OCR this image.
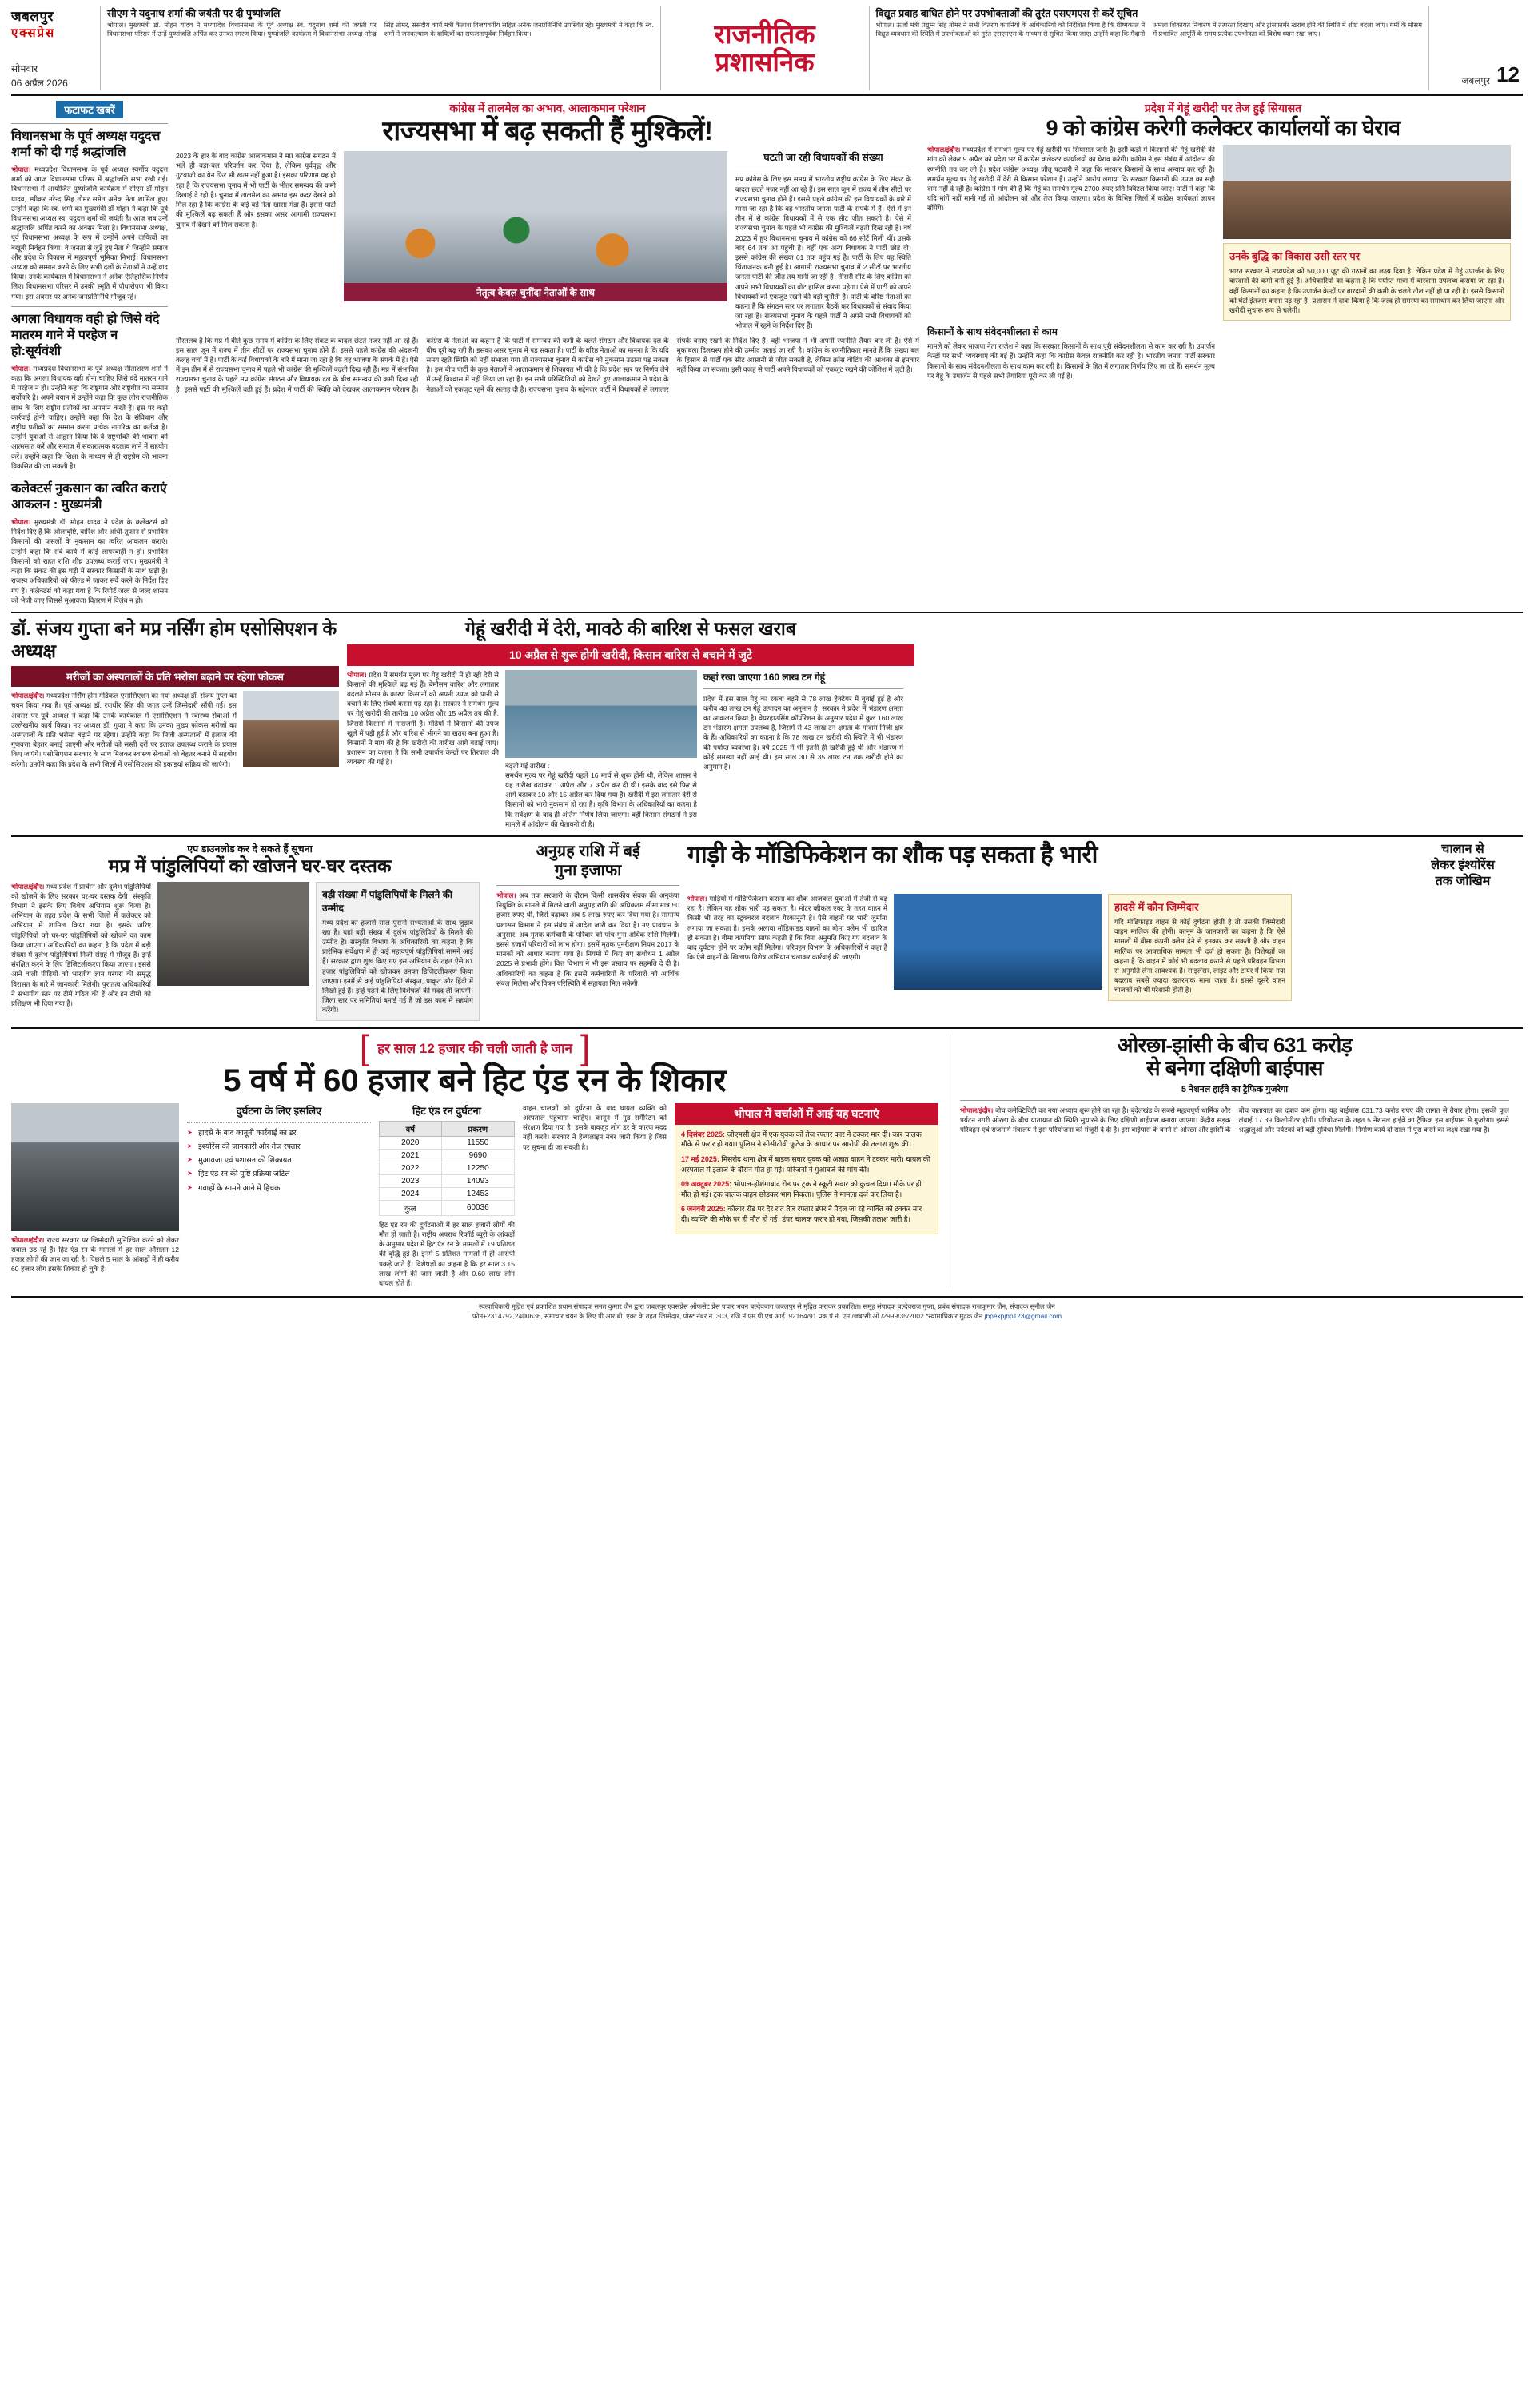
जबलपुर एक्सप्रेस
सोमवार
06 अप्रैल 2026
सीएम ने यदुनाथ शर्मा की जयंती पर दी पुष्पांजलि
भोपाल। मुख्यमंत्री डॉ. मोहन यादव ने मध्यप्रदेश विधानसभा के पूर्व अध्यक्ष स्व. यदुनाथ शर्मा की जयंती पर विधानसभा परिसर में उन्हें पुष्पांजलि अर्पित कर उनका स्मरण किया। पुष्पांजलि कार्यक्रम में विधानसभा अध्यक्ष नरेन्द्र सिंह तोमर, संसदीय कार्य मंत्री कैलाश विजयवर्गीय सहित अनेक जनप्रतिनिधि उपस्थित रहे। मुख्यमंत्री ने कहा कि स्व. शर्मा ने जनकल्याण के दायित्वों का सफलतापूर्वक निर्वहन किया।	राजनीतिक
प्रशासनिक
विद्युत प्रवाह बाधित होने पर उपभोक्ताओं की तुरंत एसएमएस से करें सूचित
भोपाल। ऊर्जा मंत्री प्रद्युम्न सिंह तोमर ने सभी वितरण कंपनियों के अधिकारियों को निर्देशित किया है कि ग्रीष्मकाल में विद्युत व्यवधान की स्थिति में उपभोक्ताओं को तुरंत एसएमएस के माध्यम से सूचित किया जाए। उन्होंने कहा कि मैदानी अमला शिकायत निवारण में तत्परता दिखाए और ट्रांसफार्मर खराब होने की स्थिति में शीघ्र बदला जाए। गर्मी के मौसम में प्रभावित आपूर्ति के समय प्रत्येक उपभोक्ता को विशेष ध्यान रखा जाए।
जबलपुर 12
फटाफट खबरें
विधानसभा के पूर्व अध्यक्ष यदुदत्त शर्मा को दी गई श्रद्धांजलि
भोपाल। मध्यप्रदेश विधानसभा के पूर्व अध्यक्ष स्वर्गीय यदुदत्त शर्मा को आज विधानसभा परिसर में श्रद्धांजलि सभा रखी गई। विधानसभा में आयोजित पुष्पांजलि कार्यक्रम में सीएम डॉ मोहन यादव, स्पीकर नरेन्द्र सिंह तोमर समेत अनेक नेता शामिल हुए। उन्होंने कहा कि स्व. शर्मा का मुख्यमंत्री डॉ मोहन ने कहा कि पूर्व विधानसभा अध्यक्ष स्व. यदुदत्त शर्मा की जयंती है। आज जब उन्हें श्रद्धांजलि अर्पित करने का अवसर मिला है। विधानसभा अध्यक्ष, पूर्व विधानसभा अध्यक्ष के रूप में उन्होंने अपने दायित्वों का बखूबी निर्वहन किया। वे जनता से जुड़े हुए नेता थे जिन्होंने समाज और प्रदेश के विकास में महत्वपूर्ण भूमिका निभाई। विधानसभा अध्यक्ष को सम्मान करने के लिए सभी दलों के नेताओं ने उन्हें याद किया। उनके कार्यकाल में विधानसभा ने अनेक ऐतिहासिक निर्णय लिए। विधानसभा परिसर में उनकी स्मृति में पौधारोपण भी किया गया। इस अवसर पर अनेक जनप्रतिनिधि मौजूद रहे।
अगला विधायक वही हो जिसे वंदे मातरम गाने में परहेज न हो:सूर्यवंशी
भोपाल। मध्यप्रदेश विधानसभा के पूर्व अध्यक्ष सीताशरण शर्मा ने कहा कि अगला विधायक वही होना चाहिए जिसे वंदे मातरम गाने में परहेज न हो। उन्होंने कहा कि राष्ट्रगान और राष्ट्रगीत का सम्मान सर्वोपरि है। अपने बयान में उन्होंने कहा कि कुछ लोग राजनीतिक लाभ के लिए राष्ट्रीय प्रतीकों का अपमान करते हैं। इस पर कड़ी कार्रवाई होनी चाहिए। उन्होंने कहा कि देश के संविधान और राष्ट्रीय प्रतीकों का सम्मान करना प्रत्येक नागरिक का कर्तव्य है। उन्होंने युवाओं से आह्वान किया कि वे राष्ट्रभक्ति की भावना को आत्मसात करें और समाज में सकारात्मक बदलाव लाने में सहयोग करें। उन्होंने कहा कि शिक्षा के माध्यम से ही राष्ट्रप्रेम की भावना विकसित की जा सकती है।
कलेक्टर्स नुकसान का त्वरित कराएं आकलन : मुख्यमंत्री
भोपाल। मुख्यमंत्री डॉ. मोहन यादव ने प्रदेश के कलेक्टर्स को निर्देश दिए हैं कि ओलावृष्टि, बारिश और आंधी-तूफान से प्रभावित किसानों की फसलों के नुकसान का त्वरित आकलन कराएं। उन्होंने कहा कि सर्वे कार्य में कोई लापरवाही न हो। प्रभावित किसानों को राहत राशि शीघ्र उपलब्ध कराई जाए। मुख्यमंत्री ने कहा कि संकट की इस घड़ी में सरकार किसानों के साथ खड़ी है। राजस्व अधिकारियों को फील्ड में जाकर सर्वे करने के निर्देश दिए गए हैं। कलेक्टर्स को कहा गया है कि रिपोर्ट जल्द से जल्द शासन को भेजी जाए जिससे मुआवजा वितरण में विलंब न हो।
कांग्रेस में तालमेल का अभाव, आलाकमान परेशान
राज्यसभा में बढ़ सकती हैं मुश्किलें!
2023 के हार के बाद कांग्रेस आलाकमान ने मप्र कांग्रेस संगठन में भले ही बड़ा-चल परिवर्तन कर दिया है, लेकिन पूर्ववृद्ध और गुटबाजी का येन फिर भी खत्म नहीं हुआ है। इसका परिणाम यह हो रहा है कि राज्यसभा चुनाव में भी पार्टी के भीतर समन्वय की कमी दिखाई दे रही है। चुनाव में तालमेल का अभाव इस कदर देखने को मिल रहा है कि कांग्रेस के कई बड़े नेता खासा मंडा हैं। इससे पार्टी की मुश्किलें बढ़ सकती हैं और इसका असर आगामी राज्यसभा चुनाव में देखने को मिल सकता है।
नेतृत्व केवल चुनींदा नेताओं के साथ
घटती जा रही विधायकों की संख्या
मप्र कांग्रेस के लिए इस समय में भारतीय राष्ट्रीय कांग्रेस के लिए संकट के बादल छंटते नजर नहीं आ रहे हैं। इस साल जून में राज्य में तीन सीटों पर राज्यसभा चुनाव होने हैं। इससे पहले कांग्रेस की इस विधायकों के बारे में माना जा रहा है कि वह भारतीय जनता पार्टी के संपर्क में हैं। ऐसे में इन तीन में से कांग्रेस विधायकों में से एक सीट जीत सकती है। ऐसे में राज्यसभा चुनाव के पहले भी कांग्रेस की मुश्किलें बढ़ती दिख रही हैं। वर्ष 2023 में हुए विधानसभा चुनाव में कांग्रेस को 66 सीटें मिली थीं। उसके बाद 64 तक आ पहुंची है। वहीं एक अन्य विधायक ने पार्टी छोड़ दी। इससे कांग्रेस की संख्या 61 तक पहुंच गई है। पार्टी के लिए यह स्थिति चिंताजनक बनी हुई है। आगामी राज्यसभा चुनाव में 2 सीटों पर भारतीय जनता पार्टी की जीत तय मानी जा रही है। तीसरी सीट के लिए कांग्रेस को अपने सभी विधायकों का वोट हासिल करना पड़ेगा। ऐसे में पार्टी को अपने विधायकों को एकजुट रखने की बड़ी चुनौती है। पार्टी के वरिष्ठ नेताओं का कहना है कि संगठन स्तर पर लगातार बैठकें कर विधायकों से संवाद किया जा रहा है। राज्यसभा चुनाव के पहले पार्टी ने अपने सभी विधायकों को भोपाल में रहने के निर्देश दिए हैं।
गौरतलब है कि मप्र में बीते कुछ समय में कांग्रेस के लिए संकट के बादल छंटते नजर नहीं आ रहे हैं। इस साल जून में राज्य में तीन सीटों पर राज्यसभा चुनाव होने हैं। इससे पहले कांग्रेस की अंदरूनी कलह चर्चा में है। पार्टी के कई विधायकों के बारे में माना जा रहा है कि वह भाजपा के संपर्क में हैं। ऐसे में इन तीन में से राज्यसभा चुनाव में पहले भी कांग्रेस की मुश्किलें बढ़ती दिख रही हैं। मप्र में संभावित राज्यसभा चुनाव के पहले मप्र कांग्रेस संगठन और विधायक दल के बीच समन्वय की कमी दिख रही है। इससे पार्टी की मुश्किलें बढ़ी हुई हैं। प्रदेश में पार्टी की स्थिति को देखकर आलाकमान परेशान है। कांग्रेस के नेताओं का कहना है कि पार्टी में समन्वय की कमी के चलते संगठन और विधायक दल के बीच दूरी बढ़ रही है। इसका असर चुनाव में पड़ सकता है। पार्टी के वरिष्ठ नेताओं का मानना है कि यदि समय रहते स्थिति को नहीं संभाला गया तो राज्यसभा चुनाव में कांग्रेस को नुकसान उठाना पड़ सकता है। इस बीच पार्टी के कुछ नेताओं ने आलाकमान से शिकायत भी की है कि प्रदेश स्तर पर निर्णय लेने में उन्हें विश्वास में नहीं लिया जा रहा है। इन सभी परिस्थितियों को देखते हुए आलाकमान ने प्रदेश के नेताओं को एकजुट रहने की सलाह दी है। राज्यसभा चुनाव के मद्देनजर पार्टी ने विधायकों से लगातार संपर्क बनाए रखने के निर्देश दिए हैं। वहीं भाजपा ने भी अपनी रणनीति तैयार कर ली है। ऐसे में मुकाबला दिलचस्प होने की उम्मीद जताई जा रही है। कांग्रेस के रणनीतिकार मानते हैं कि संख्या बल के हिसाब से पार्टी एक सीट आसानी से जीत सकती है, लेकिन क्रॉस वोटिंग की आशंका से इनकार नहीं किया जा सकता। इसी वजह से पार्टी अपने विधायकों को एकजुट रखने की कोशिश में जुटी है।
प्रदेश में गेहूं खरीदी पर तेज हुई सियासत
9 को कांग्रेस करेगी कलेक्टर कार्यालयों का घेराव
भोपाल/इंदौर। मध्यप्रदेश में समर्थन मूल्य पर गेहूं खरीदी पर सियासत जारी है। इसी कड़ी में किसानों की गेहूं खरीदी की मांग को लेकर 9 अप्रैल को प्रदेश भर में कांग्रेस कलेक्टर कार्यालयों का घेराव करेगी। कांग्रेस ने इस संबंध में आंदोलन की रणनीति तय कर ली है। प्रदेश कांग्रेस अध्यक्ष जीतू पटवारी ने कहा कि सरकार किसानों के साथ अन्याय कर रही है। समर्थन मूल्य पर गेहूं खरीदी में देरी से किसान परेशान हैं। उन्होंने आरोप लगाया कि सरकार किसानों की उपज का सही दाम नहीं दे रही है। कांग्रेस ने मांग की है कि गेहूं का समर्थन मूल्य 2700 रुपए प्रति क्विंटल किया जाए। पार्टी ने कहा कि यदि मांगें नहीं मानी गईं तो आंदोलन को और तेज किया जाएगा। प्रदेश के विभिन्न जिलों में कांग्रेस कार्यकर्ता ज्ञापन सौंपेंगे।
उनके बुद्धि का विकास उसी स्तर पर
भारत सरकार ने मध्यप्रदेश को 50,000 जूट की गठानों का लक्ष्य दिया है, लेकिन प्रदेश में गेहूं उपार्जन के लिए बारदानों की कमी बनी हुई है। अधिकारियों का कहना है कि पर्याप्त मात्रा में बारदाना उपलब्ध कराया जा रहा है। वहीं किसानों का कहना है कि उपार्जन केन्द्रों पर बारदानों की कमी के चलते तौल नहीं हो पा रही है। इससे किसानों को घंटों इंतजार करना पड़ रहा है। प्रशासन ने दावा किया है कि जल्द ही समस्या का समाधान कर लिया जाएगा और खरीदी सुचारू रूप से चलेगी।
किसानों के साथ संवेदनशीलता से काम
मामले को लेकर भाजपा नेता राजेश ने कहा कि सरकार किसानों के साथ पूरी संवेदनशीलता से काम कर रही है। उपार्जन केन्द्रों पर सभी व्यवस्थाएं की गई हैं। उन्होंने कहा कि कांग्रेस केवल राजनीति कर रही है। भारतीय जनता पार्टी सरकार किसानों के साथ संवेदनशीलता के साथ काम कर रही है। किसानों के हित में लगातार निर्णय लिए जा रहे हैं। समर्थन मूल्य पर गेहूं के उपार्जन से पहले सभी तैयारियां पूरी कर ली गई हैं।
डॉ. संजय गुप्ता बने मप्र नर्सिंग होम एसोसिएशन के अध्यक्ष
मरीजों का अस्पतालों के प्रति भरोसा बढ़ाने पर रहेगा फोकस
भोपाल/इंदौर। मध्यप्रदेश नर्सिंग होम मेडिकल एसोसिएशन का नया अध्यक्ष डॉ. संजय गुप्ता का चयन किया गया है। पूर्व अध्यक्ष डॉ. रणधीर सिंह की जगह उन्हें जिम्मेदारी सौंपी गई। इस अवसर पर पूर्व अध्यक्ष ने कहा कि उनके कार्यकाल में एसोसिएशन ने स्वास्थ्य सेवाओं में उल्लेखनीय कार्य किया। नए अध्यक्ष डॉ. गुप्ता ने कहा कि उनका मुख्य फोकस मरीजों का अस्पतालों के प्रति भरोसा बढ़ाने पर रहेगा। उन्होंने कहा कि निजी अस्पतालों में इलाज की गुणवत्ता बेहतर बनाई जाएगी और मरीजों को सस्ती दरों पर इलाज उपलब्ध कराने के प्रयास किए जाएंगे। एसोसिएशन सरकार के साथ मिलकर स्वास्थ्य सेवाओं को बेहतर बनाने में सहयोग करेगी। उन्होंने कहा कि प्रदेश के सभी जिलों में एसोसिएशन की इकाइयां सक्रिय की जाएंगी।
गेहूं खरीदी में देरी, मावठे की बारिश से फसल खराब
10 अप्रैल से शुरू होगी खरीदी, किसान बारिश से बचाने में जुटे
भोपाल। प्रदेश में समर्थन मूल्य पर गेहूं खरीदी में हो रही देरी से किसानों की मुश्किलें बढ़ गई हैं। बेमौसम बारिश और लगातार बदलते मौसम के कारण किसानों को अपनी उपज को पानी से बचाने के लिए संघर्ष करना पड़ रहा है। सरकार ने समर्थन मूल्य पर गेहूं खरीदी की तारीख 10 अप्रैल और 15 अप्रैल तय की है, जिससे किसानों में नाराजगी है। मंडियों में किसानों की उपज खुले में पड़ी हुई है और बारिश से भीगने का खतरा बना हुआ है। किसानों ने मांग की है कि खरीदी की तारीख आगे बढ़ाई जाए। प्रशासन का कहना है कि सभी उपार्जन केन्द्रों पर तिरपाल की व्यवस्था की गई है।	बढ़ती गई तारीख :
समर्थन मूल्य पर गेहूं खरीदी पहले 16 मार्च से शुरू होनी थी, लेकिन शासन ने यह तारीख बढ़ाकर 1 अप्रैल और 7 अप्रैल कर दी थी। इसके बाद इसे फिर से आगे बढ़ाकर 10 और 15 अप्रैल कर दिया गया है। खरीदी में इस लगातार देरी से किसानों को भारी नुकसान हो रहा है। कृषि विभाग के अधिकारियों का कहना है कि सर्वेक्षण के बाद ही अंतिम निर्णय लिया जाएगा। वहीं किसान संगठनों ने इस मामले में आंदोलन की चेतावनी दी है।
कहां रखा जाएगा 160 लाख टन गेहूं
प्रदेश में इस साल गेहूं का रकबा बढ़ने से 78 लाख हेक्टेयर में बुवाई हुई है और करीब 48 लाख टन गेहूं उत्पादन का अनुमान है। सरकार ने प्रदेश में भंडारण क्षमता का आकलन किया है। वेयरहाउसिंग कॉर्पोरेशन के अनुसार प्रदेश में कुल 160 लाख टन भंडारण क्षमता उपलब्ध है, जिसमें से 43 लाख टन क्षमता के गोदाम निजी क्षेत्र के हैं। अधिकारियों का कहना है कि 78 लाख टन खरीदी की स्थिति में भी भंडारण की पर्याप्त व्यवस्था है। वर्ष 2025 में भी इतनी ही खरीदी हुई थी और भंडारण में कोई समस्या नहीं आई थी। इस साल 30 से 35 लाख टन तक खरीदी होने का अनुमान है।
एप डाउनलोड कर दे सकते हैं सूचना
मप्र में पांडुलिपियों को खोजने घर-घर दस्तक
भोपाल/इंदौर। मध्य प्रदेश में प्राचीन और दुर्लभ पांडुलिपियों को खोजने के लिए सरकार घर-घर दस्तक देगी। संस्कृति विभाग ने इसके लिए विशेष अभियान शुरू किया है। अभियान के तहत प्रदेश के सभी जिलों में कलेक्टर को अभियान में शामिल किया गया है। इसके जरिए पांडुलिपियों को घर-घर पांडुलिपियों को खोजने का काम किया जाएगा। अधिकारियों का कहना है कि प्रदेश में बड़ी संख्या में दुर्लभ पांडुलिपियां निजी संग्रह में मौजूद हैं। इन्हें संरक्षित करने के लिए डिजिटलीकरण किया जाएगा। इससे आने वाली पीढ़ियों को भारतीय ज्ञान परंपरा की समृद्ध विरासत के बारे में जानकारी मिलेगी। पुरातत्व अधिकारियों ने संभागीय स्तर पर टीमें गठित की हैं और इन टीमों को प्रशिक्षण भी दिया गया है।
बड़ी संख्या में पांडुलिपियों के मिलने की उम्मीद
मध्य प्रदेश का हजारों साल पुरानी सभ्यताओं के साथ जुड़ाव रहा है। यहां बड़ी संख्या में दुर्लभ पांडुलिपियों के मिलने की उम्मीद है। संस्कृति विभाग के अधिकारियों का कहना है कि प्रारंभिक सर्वेक्षण में ही कई महत्वपूर्ण पांडुलिपियां सामने आई हैं। सरकार द्वारा शुरू किए गए इस अभियान के तहत ऐसे 81 हजार पांडुलिपियों को खोजकर उनका डिजिटलीकरण किया जाएगा। इनमें से कई पांडुलिपियां संस्कृत, प्राकृत और हिंदी में लिखी हुई हैं। इन्हें पढ़ने के लिए विशेषज्ञों की मदद ली जाएगी। जिला स्तर पर समितियां बनाई गई हैं जो इस काम में सहयोग करेंगी।
अनुग्रह राशि में बई
गुना इजाफा
भोपाल। अब तक सरकारी के दौरान किसी शासकीय सेवक की अनुकंपा नियुक्ति के मामले में मिलने वाली अनुग्रह राशि की अधिकतम सीमा मात्र 50 हजार रुपए थी, जिसे बढ़ाकर अब 5 लाख रुपए कर दिया गया है। सामान्य प्रशासन विभाग ने इस संबंध में आदेश जारी कर दिया है। नए प्रावधान के अनुसार, अब मृतक कर्मचारी के परिवार को पांच गुना अधिक राशि मिलेगी। इससे हजारों परिवारों को लाभ होगा। इसमें मृतक पुनरीक्षण नियम 2017 के मानकों को आधार बनाया गया है। नियमों में किए गए संशोधन 1 अप्रैल 2025 से प्रभावी होंगे। वित्त विभाग ने भी इस प्रस्ताव पर सहमति दे दी है। अधिकारियों का कहना है कि इससे कर्मचारियों के परिवारों को आर्थिक संबल मिलेगा और विषम परिस्थिति में सहायता मिल सकेगी।
गाड़ी के मॉडिफिकेशन का शौक पड़ सकता है भारी	चालान से
लेकर इंश्योरेंस
तक जोखिम
भोपाल। गाड़ियों में मॉडिफिकेशन कराना का शौक आजकल युवाओं में तेजी से बढ़ रहा है। लेकिन यह शौक भारी पड़ सकता है। मोटर व्हीकल एक्ट के तहत वाहन में किसी भी तरह का स्ट्रक्चरल बदलाव गैरकानूनी है। ऐसे वाहनों पर भारी जुर्माना लगाया जा सकता है। इसके अलावा मॉडिफाइड वाहनों का बीमा क्लेम भी खारिज हो सकता है। बीमा कंपनियां साफ कहती हैं कि बिना अनुमति किए गए बदलाव के बाद दुर्घटना होने पर क्लेम नहीं मिलेगा। परिवहन विभाग के अधिकारियों ने कहा है कि ऐसे वाहनों के खिलाफ विशेष अभियान चलाकर कार्रवाई की जाएगी।
हादसे में कौन जिम्मेदार
यदि मॉडिफाइड वाहन से कोई दुर्घटना होती है तो उसकी जिम्मेदारी वाहन मालिक की होगी। कानून के जानकारों का कहना है कि ऐसे मामलों में बीमा कंपनी क्लेम देने से इनकार कर सकती है और वाहन मालिक पर आपराधिक मामला भी दर्ज हो सकता है। विशेषज्ञों का कहना है कि वाहन में कोई भी बदलाव कराने से पहले परिवहन विभाग से अनुमति लेना आवश्यक है। साइलेंसर, लाइट और टायर में किया गया बदलाव सबसे ज्यादा खतरनाक माना जाता है। इससे दूसरे वाहन चालकों को भी परेशानी होती है।
[ हर साल 12 हजार की चली जाती है जान ]
5 वर्ष में 60 हजार बने हिट एंड रन के शिकार
भोपाल/इंदौर। राज्य सरकार पर जिम्मेदारी सुनिश्चित करने को लेकर सवाल उठ रहे हैं। हिट एंड रन के मामलों में हर साल औसतन 12 हजार लोगों की जान जा रही है। पिछले 5 साल के आंकड़ों में ही करीब 60 हजार लोग इसके शिकार हो चुके हैं।
दुर्घटना के लिए इसलिए
➤ हादसे के बाद कानूनी कार्रवाई का डर
➤ इंश्योरेंस की जानकारी और तेज रफ्तार
➤ मुआवजा एवं प्रशासन की शिकायत
➤ हिट एंड रन की पुष्टि प्रक्रिया जटिल
➤ गवाहों के सामने आने में हिचक
हिट एंड रन दुर्घटना
वर्ष	प्रकरण
2020	11550
2021	9690
2022	12250
2023	14093
2024	12453
कुल	60036
हिट एंड रन की दुर्घटनाओं में हर साल हजारों लोगों की मौत हो जाती है। राष्ट्रीय अपराध रिकॉर्ड ब्यूरो के आंकड़ों के अनुसार प्रदेश में हिट एंड रन के मामलों में 19 प्रतिशत की वृद्धि हुई है। इनमें 5 प्रतिशत मामलों में ही आरोपी पकड़े जाते हैं। विशेषज्ञों का कहना है कि हर साल 3.15 लाख लोगों की जान जाती है और 0.60 लाख लोग घायल होते हैं।
वाहन चालकों को दुर्घटना के बाद घायल व्यक्ति को अस्पताल पहुंचाना चाहिए। कानून में गुड समैरिटन को संरक्षण दिया गया है। इसके बावजूद लोग डर के कारण मदद नहीं करते। सरकार ने हेल्पलाइन नंबर जारी किया है जिस पर सूचना दी जा सकती है।
भोपाल में चर्चाओं में आई यह घटनाएं
4 दिसंबर 2025: जीएमसी क्षेत्र में एक युवक को तेज रफ्तार कार ने टक्कर मार दी। कार चालक मौके से फरार हो गया। पुलिस ने सीसीटीवी फुटेज के आधार पर आरोपी की तलाश शुरू की।
17 मई 2025: मिसरोद थाना क्षेत्र में बाइक सवार युवक को अज्ञात वाहन ने टक्कर मारी। घायल की अस्पताल में इलाज के दौरान मौत हो गई। परिजनों ने मुआवजे की मांग की।
09 अक्टूबर 2025: भोपाल-होशंगाबाद रोड पर ट्रक ने स्कूटी सवार को कुचल दिया। मौके पर ही मौत हो गई। ट्रक चालक वाहन छोड़कर भाग निकला। पुलिस ने मामला दर्ज कर लिया है।
6 जनवरी 2025: कोलार रोड पर देर रात तेज रफ्तार डंपर ने पैदल जा रहे व्यक्ति को टक्कर मार दी। व्यक्ति की मौके पर ही मौत हो गई। डंपर चालक फरार हो गया, जिसकी तलाश जारी है।
ओरछा-झांसी के बीच 631 करोड़
से बनेगा दक्षिणी बाईपास
5 नेशनल हाईवे का ट्रैफिक गुजरेगा
भोपाल/इंदौर। बीच कनेक्टिविटी का नया अध्याय शुरू होने जा रहा है। बुंदेलखंड के सबसे महत्वपूर्ण धार्मिक और पर्यटन नगरी ओरछा के बीच यातायात की स्थिति सुधारने के लिए दक्षिणी बाईपास बनाया जाएगा। केंद्रीय सड़क परिवहन एवं राजमार्ग मंत्रालय ने इस परियोजना को मंजूरी दे दी है। इस बाईपास के बनने से ओरछा और झांसी के बीच यातायात का दबाव कम होगा। यह बाईपास 631.73 करोड़ रुपए की लागत से तैयार होगा। इसकी कुल लंबाई 17.39 किलोमीटर होगी। परियोजना के तहत 5 नेशनल हाईवे का ट्रैफिक इस बाईपास से गुजरेगा। इससे श्रद्धालुओं और पर्यटकों को बड़ी सुविधा मिलेगी। निर्माण कार्य दो साल में पूरा करने का लक्ष्य रखा गया है।
स्वत्वाधिकारी मुद्रित एवं प्रकाशित प्रधान संपादक सनत कुमार जैन द्वारा जबलपुर एक्सप्रेस ऑफसेट प्रेस पचार भवन बल्देवबाग जबलपुर से मुद्रित कराकर प्रकाशित। समूह संपादक बल्देवराज गुप्ता, प्रबंध संपादक राजकुमार जैन, संपादक सुनील जैन
फोन+2314792,2400636, समाचार चयन के लिए पी.आर.बी. एक्ट के तहत जिम्मेदार, पोस्ट नंबर न. 303, रजि.नं.एम.पी.एच.आई. 92164/91 प्रक.पं.नं. एम./जब/सी.ओ./2999/35/2002 *स्वामाधिकार मुद्रक जैन jbpexpjbp123@gmail.com
